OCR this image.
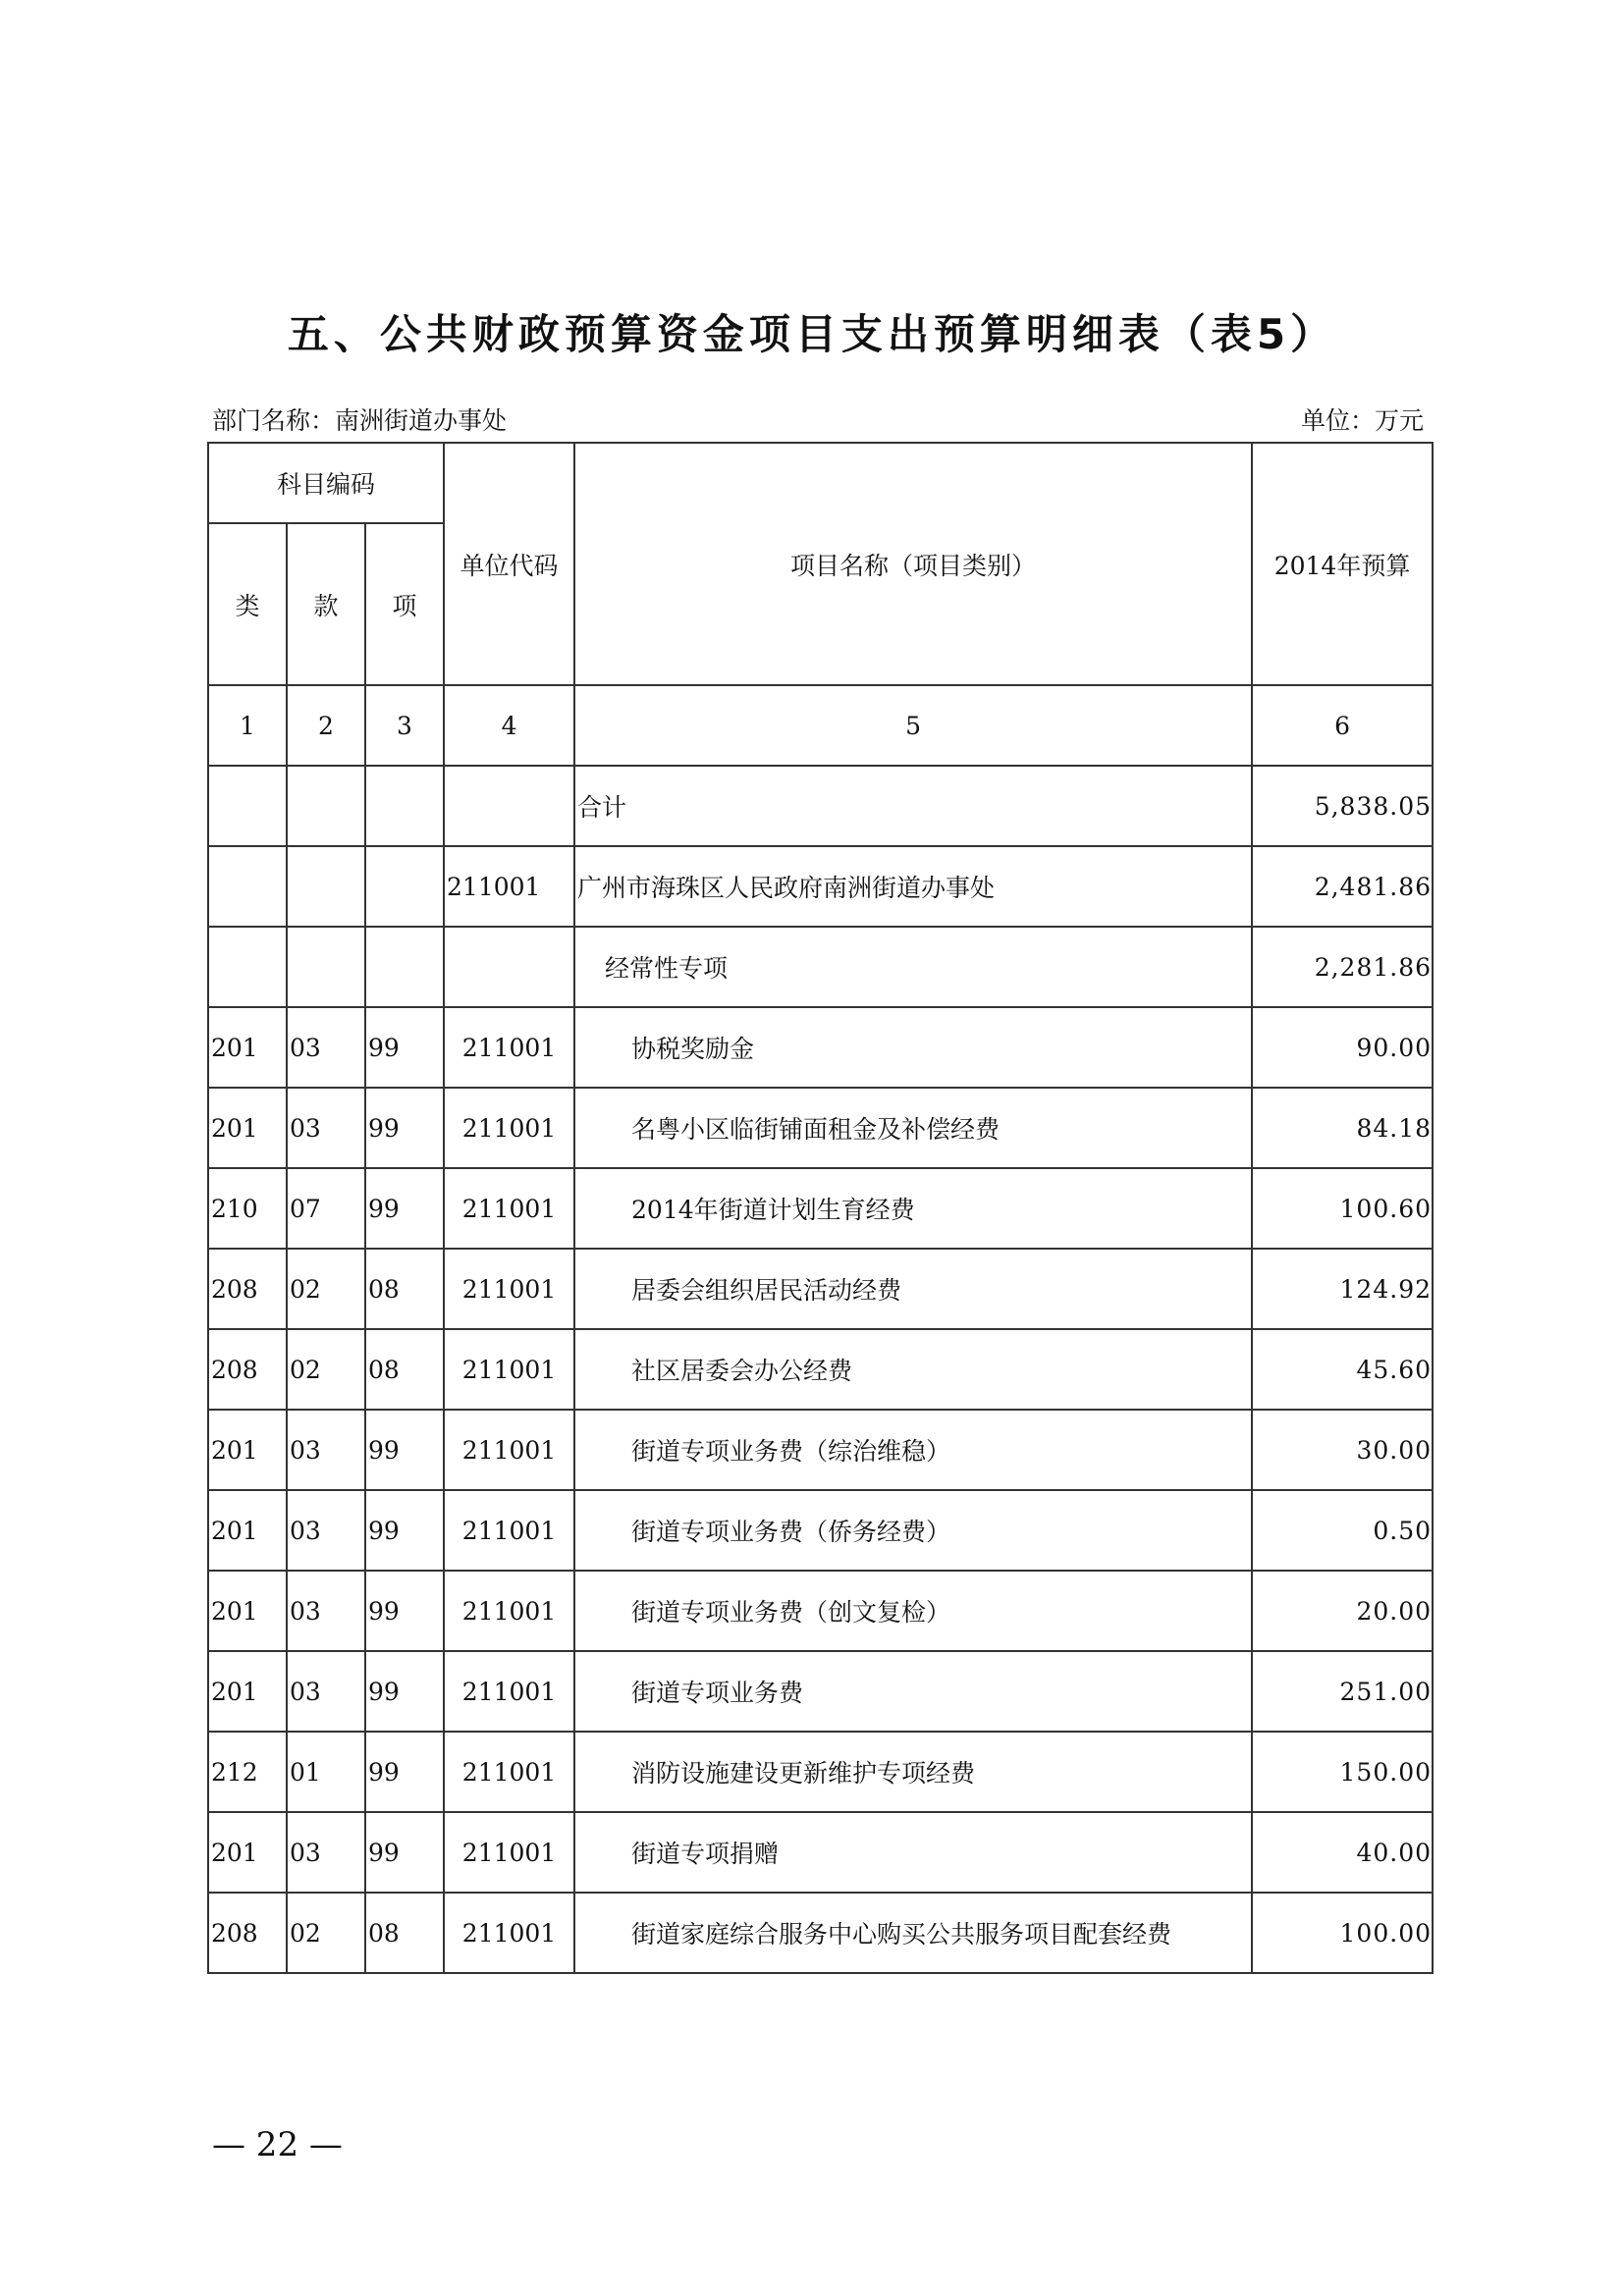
五、公共财政预算资金项目支出预算明细表（表5）
部门名称：南洲街道办事处	单位：万元
科目编码			单位代码	项目名称（项目类别）	2014年预算
类	款	项			
1	2	3	4	5	6
				合计	5,838.05
			211001	广州市海珠区人民政府南洲街道办事处	2,481.86
				经常性专项	2,281.86
201	03	99	211001	协税奖励金	90.00
201	03	99	211001	名粤小区临街铺面租金及补偿经费	84.18
210	07	99	211001	2014年街道计划生育经费	100.60
208	02	08	211001	居委会组织居民活动经费	124.92
208	02	08	211001	社区居委会办公经费	45.60
201	03	99	211001	街道专项业务费（综治维稳）	30.00
201	03	99	211001	街道专项业务费（侨务经费）	0.50
201	03	99	211001	街道专项业务费（创文复检）	20.00
201	03	99	211001	街道专项业务费	251.00
212	01	99	211001	消防设施建设更新维护专项经费	150.00
201	03	99	211001	街道专项捐赠	40.00
208	02	08	211001	街道家庭综合服务中心购买公共服务项目配套经费	100.00
— 22 —
